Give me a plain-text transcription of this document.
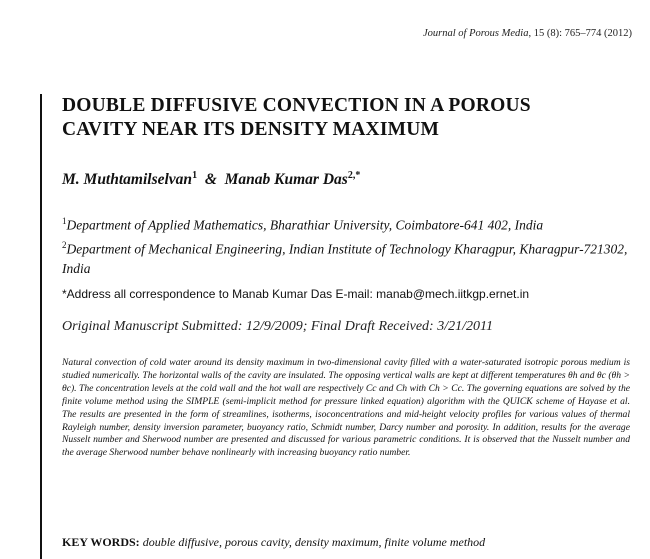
Journal of Porous Media, 15 (8): 765–774 (2012)
DOUBLE DIFFUSIVE CONVECTION IN A POROUS
CAVITY NEAR ITS DENSITY MAXIMUM
M. Muthtamilselvan$^1$ & Manab Kumar Das$^{2,*}$
$^1$Department of Applied Mathematics, Bharathiar University, Coimbatore-641 402, India
$^2$Department of Mechanical Engineering, Indian Institute of Technology Kharagpur, Kharagpur-721302, India
*Address all correspondence to Manab Kumar Das E-mail: manab@mech.iitkgp.ernet.in
Original Manuscript Submitted: 12/9/2009; Final Draft Received: 3/21/2011
Natural convection of cold water around its density maximum in two-dimensional cavity filled with a water-saturated isotropic porous medium is studied numerically. The horizontal walls of the cavity are insulated. The opposing vertical walls are kept at different temperatures θh and θc (θh > θc). The concentration levels at the cold wall and the hot wall are respectively Cc and Ch with Ch > Cc. The governing equations are solved by the finite volume method using the SIMPLE (semi-implicit method for pressure linked equation) algorithm with the QUICK scheme of Hayase et al. The results are presented in the form of streamlines, isotherms, isoconcentrations and mid-height velocity profiles for various values of thermal Rayleigh number, density inversion parameter, buoyancy ratio, Schmidt number, Darcy number and porosity. In addition, results for the average Nusselt number and Sherwood number are presented and discussed for various parametric conditions. It is observed that the Nusselt number and the average Sherwood number behave nonlinearly with increasing buoyancy ratio number.
KEY WORDS: double diffusive, porous cavity, density maximum, finite volume method
